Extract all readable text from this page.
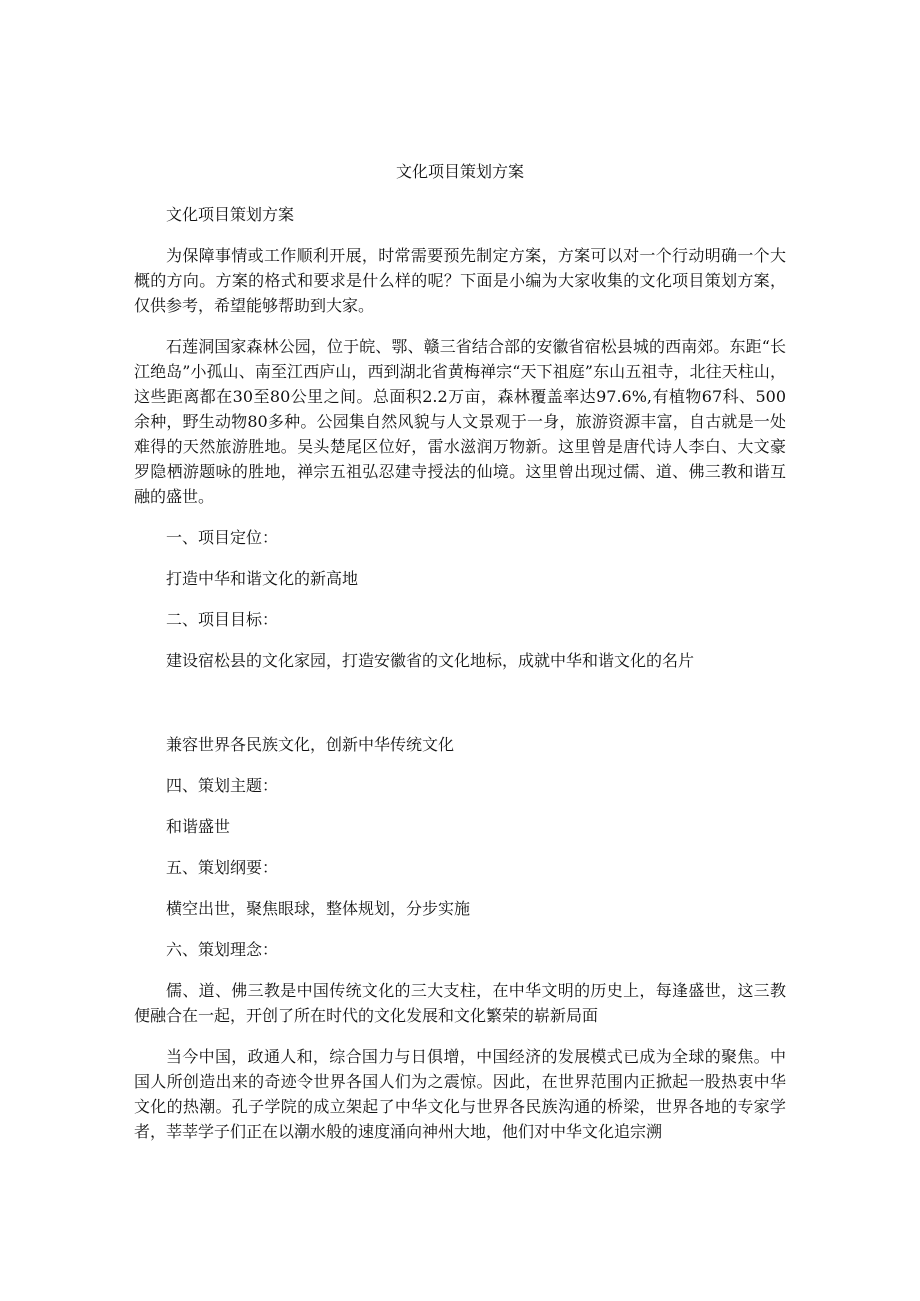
文化项目策划方案
文化项目策划方案

为保障事情或工作顺利开展，时常需要预先制定方案，方案可以对一个行动明确一个大概的方向。方案的格式和要求是什么样的呢？下面是小编为大家收集的文化项目策划方案，仅供参考，希望能够帮助到大家。

石莲洞国家森林公园，位于皖、鄂、赣三省结合部的安徽省宿松县城的西南郊。东距“长江绝岛”小孤山、南至江西庐山，西到湖北省黄梅禅宗“天下祖庭”东山五祖寺，北往天柱山，这些距离都在30至80公里之间。总面积2.2万亩，森林覆盖率达97.6%,有植物67科、500余种，野生动物80多种。公园集自然风貌与人文景观于一身，旅游资源丰富，自古就是一处难得的天然旅游胜地。吴头楚尾区位好，雷水滋润万物新。这里曾是唐代诗人李白、大文豪罗隐栖游题咏的胜地，禅宗五祖弘忍建寺授法的仙境。这里曾出现过儒、道、佛三教和谐互融的盛世。

一、项目定位：
打造中华和谐文化的新高地
二、项目目标：
建设宿松县的文化家园，打造安徽省的文化地标，成就中华和谐文化的名片
兼容世界各民族文化，创新中华传统文化
四、策划主题：
和谐盛世
五、策划纲要：
横空出世，聚焦眼球，整体规划，分步实施
六、策划理念：

儒、道、佛三教是中国传统文化的三大支柱，在中华文明的历史上，每逢盛世，这三教便融合在一起，开创了所在时代的文化发展和文化繁荣的崭新局面

当今中国，政通人和，综合国力与日俱增，中国经济的发展模式已成为全球的聚焦。中国人所创造出来的奇迹令世界各国人们为之震惊。因此，在世界范围内正掀起一股热衷中华文化的热潮。孔子学院的成立架起了中华文化与世界各民族沟通的桥梁，世界各地的专家学者，莘莘学子们正在以潮水般的速度涌向神州大地，他们对中华文化追宗溯
